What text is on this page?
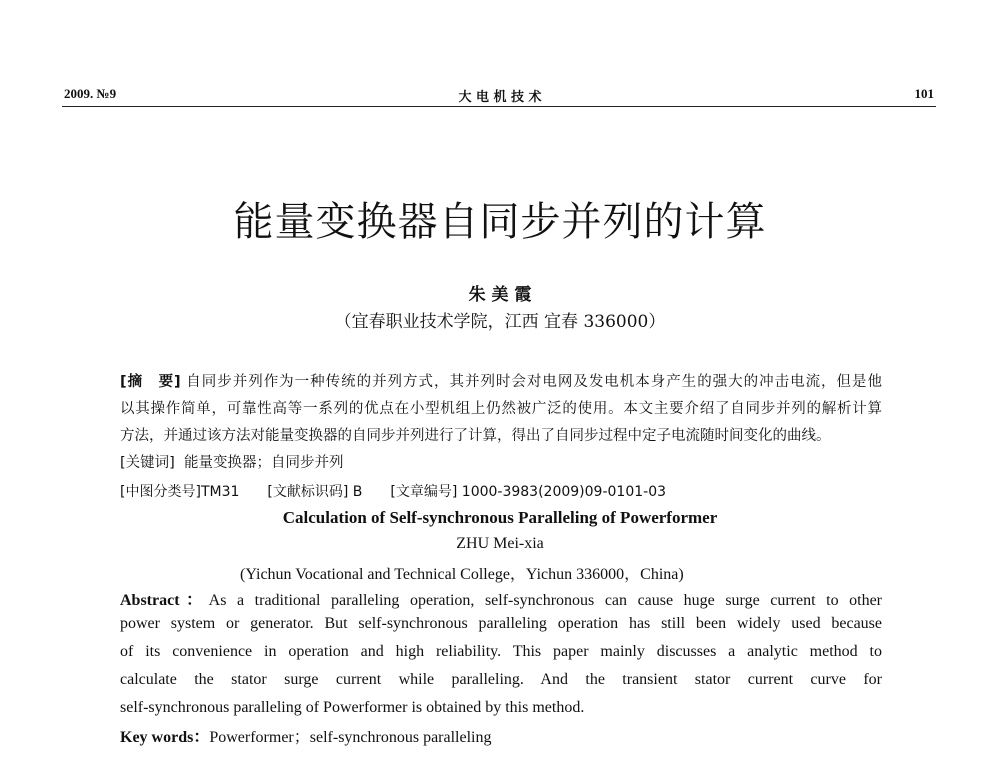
2009. №9	大 电 机 技 术	101
能量变换器自同步并列的计算
朱 美 霞
（宜春职业技术学院，江西 宜春 336000）
[摘　要] 自同步并列作为一种传统的并列方式，其并列时会对电网及发电机本身产生的强大的冲击电流，但是他
以其操作简单，可靠性高等一系列的优点在小型机组上仍然被广泛的使用。本文主要介绍了自同步并列的解析计算
方法，并通过该方法对能量变换器的自同步并列进行了计算，得出了自同步过程中定子电流随时间变化的曲线。
[关键词] 能量变换器；自同步并列
[中图分类号]TM31 [文献标识码] B [文章编号] 1000-3983(2009)09-0101-03
Calculation of Self-synchronous Paralleling of Powerformer
ZHU Mei-xia
(Yichun Vocational and Technical College，Yichun 336000，China)
Abstract：As a traditional paralleling operation, self-synchronous can cause huge surge current to other
power system or generator. But self-synchronous paralleling operation has still been widely used because
of its convenience in operation and high reliability. This paper mainly discusses a analytic method to
calculate the stator surge current while paralleling. And the transient stator current curve for
self-synchronous paralleling of Powerformer is obtained by this method.
Key words：Powerformer；self-synchronous paralleling
